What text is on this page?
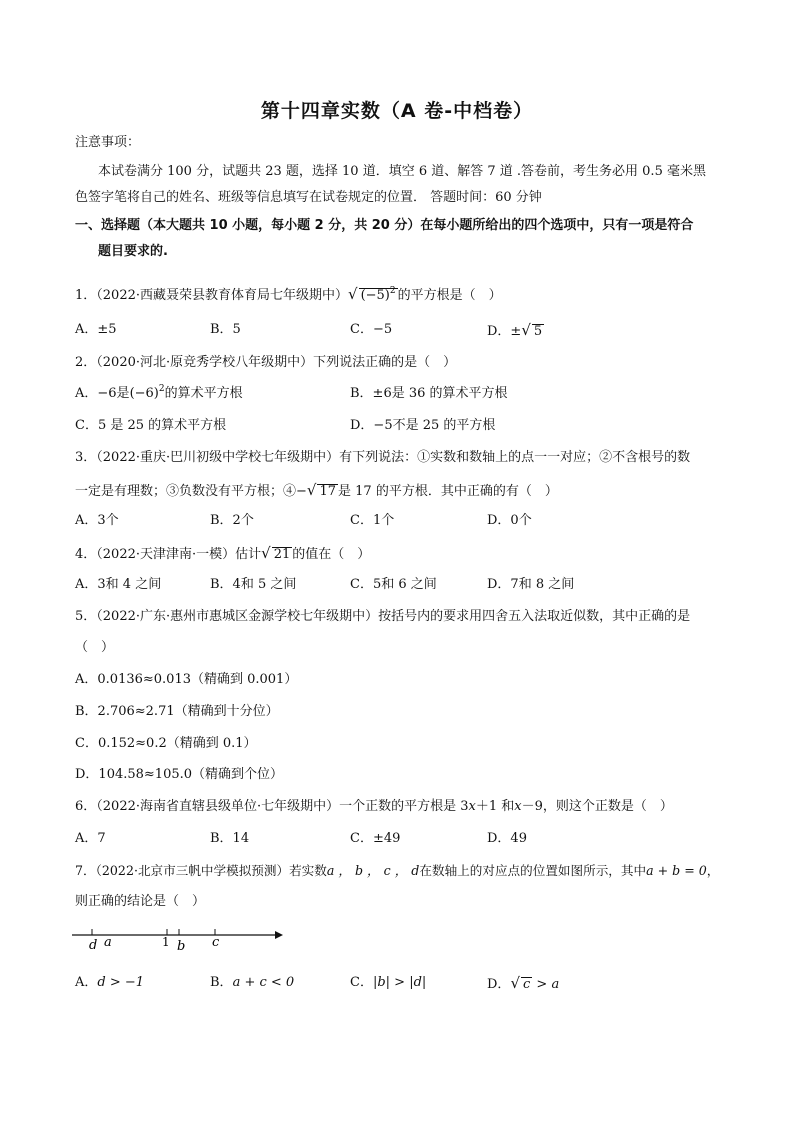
第十四章实数（A 卷-中档卷）
注意事项：
本试卷满分 100 分，试题共 23 题，选择 10 道．填空 6 道、解答 7 道 .答卷前，考生务必用 0.5 毫米黑
色签字笔将自己的姓名、班级等信息填写在试卷规定的位置． 答题时间：60 分钟
一、选择题（本大题共 10 小题，每小题 2 分，共 20 分）在每小题所给出的四个选项中，只有一项是符合
题目要求的.
1．（2022·西藏聂荣县教育体育局七年级期中）√ $(-5)^2$ 的平方根是（　）
A．±5	B．5	C．−5	D．±√ 5
2．（2020·河北·原竞秀学校八年级期中）下列说法正确的是（　）
A．−6是$(-6)^2$的算术平方根	B．±6是 36 的算术平方根
C．5 是 25 的算术平方根	D．−5不是 25 的平方根
3．（2022·重庆·巴川初级中学校七年级期中）有下列说法：①实数和数轴上的点一一对应；②不含根号的数
一定是有理数；③负数没有平方根；④−√ 17 是 17 的平方根．其中正确的有（　）
A．3个	B．2个	C．1个	D．0个
4．（2022·天津津南·一模）估计√ 21 的值在（　）
A．3和 4 之间	B．4和 5 之间	C．5和 6 之间	D．7和 8 之间
5．（2022·广东·惠州市惠城区金源学校七年级期中）按括号内的要求用四舍五入法取近似数，其中正确的是
（　）
A．0.0136≈0.013（精确到 0.001）
B．2.706≈2.71（精确到十分位）
C．0.152≈0.2（精确到 0.1）
D．104.58≈105.0（精确到个位）
6．（2022·海南省直辖县级单位·七年级期中）一个正数的平方根是 3x＋1 和x－9，则这个正数是（　）
A．7	B．14	C．±49	D．49
7．（2022·北京市三帆中学模拟预测）若实数a ， b ， c ， d在数轴上的对应点的位置如图所示，其中a + b = 0，
则正确的结论是（　）
d a	1 b c
A．d > −1	B．a + c < 0	C．|b| > |d|	D．√ c > a
